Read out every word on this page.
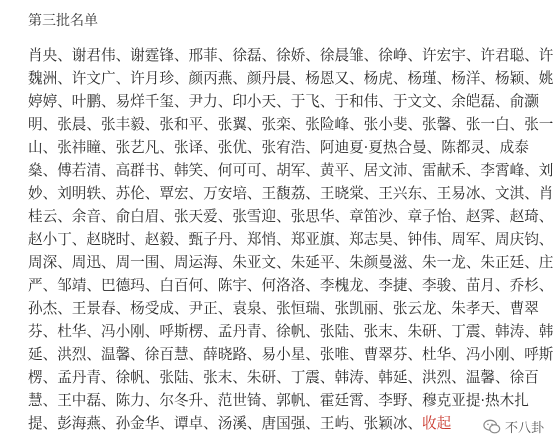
第三批名单
肖央、谢君伟、谢霆锋、邢菲、徐磊、徐娇、徐晨雏、徐峥、许宏宇、许君聪、许
魏洲、许文广、许月珍、颜丙燕、颜丹晨、杨恩又、杨虎、杨瑾、杨洋、杨颖、姚
婷婷、叶鹏、易烊千玺、尹力、印小天、于飞、于和伟、于文文、余皑磊、俞灏
明、张晨、张丰毅、张和平、张翼、张栾、张险峰、张小斐、张馨、张一白、张一
山、张祎瞳、张艺凡、张译、张优、张宥浩、阿迪夏·夏热合曼、陈都灵、成泰
燊、傅若清、高群书、韩笑、何可可、胡军、黄平、居文沛、雷献禾、李霄峰、刘
妙、刘明轶、苏伦、覃宏、万安培、王馥荔、王晓棠、王兴东、王易冰、文淇、肖
桂云、余音、俞白眉、张天爱、张雪迎、张思华、章笛沙、章子怡、赵霁、赵琦、
赵小丁、赵晓时、赵毅、甄子丹、郑悄、郑亚旗、郑志昊、钟伟、周军、周庆钧、
周深、周迅、周一围、周运海、朱亚文、朱延平、朱颜曼滋、朱一龙、朱正廷、庄
严、邹靖、巴德玛、白百何、陈宇、何洛洛、李槐龙、李捷、李骏、苗月、乔杉、
孙杰、王景春、杨受成、尹正、袁泉、张恒瑞、张凯丽、张云龙、朱孝天、曹翠
芬、杜华、冯小刚、呼斯楞、孟丹青、徐帆、张陆、张末、朱研、丁震、韩涛、韩
延、洪烈、温馨、徐百慧、薛晓路、易小星、张唯、曹翠芬、杜华、冯小刚、呼斯
楞、孟丹青、徐帆、张陆、张末、朱研、丁震、韩涛、韩延、洪烈、温馨、徐百
慧、王中磊、陈力、尔冬升、范世锜、郭帆、霍廷霄、李野、穆克亚提·热木扎
提、彭海燕、孙金华、谭卓、汤溪、唐国强、王屿、张颖冰、收起	不八卦
